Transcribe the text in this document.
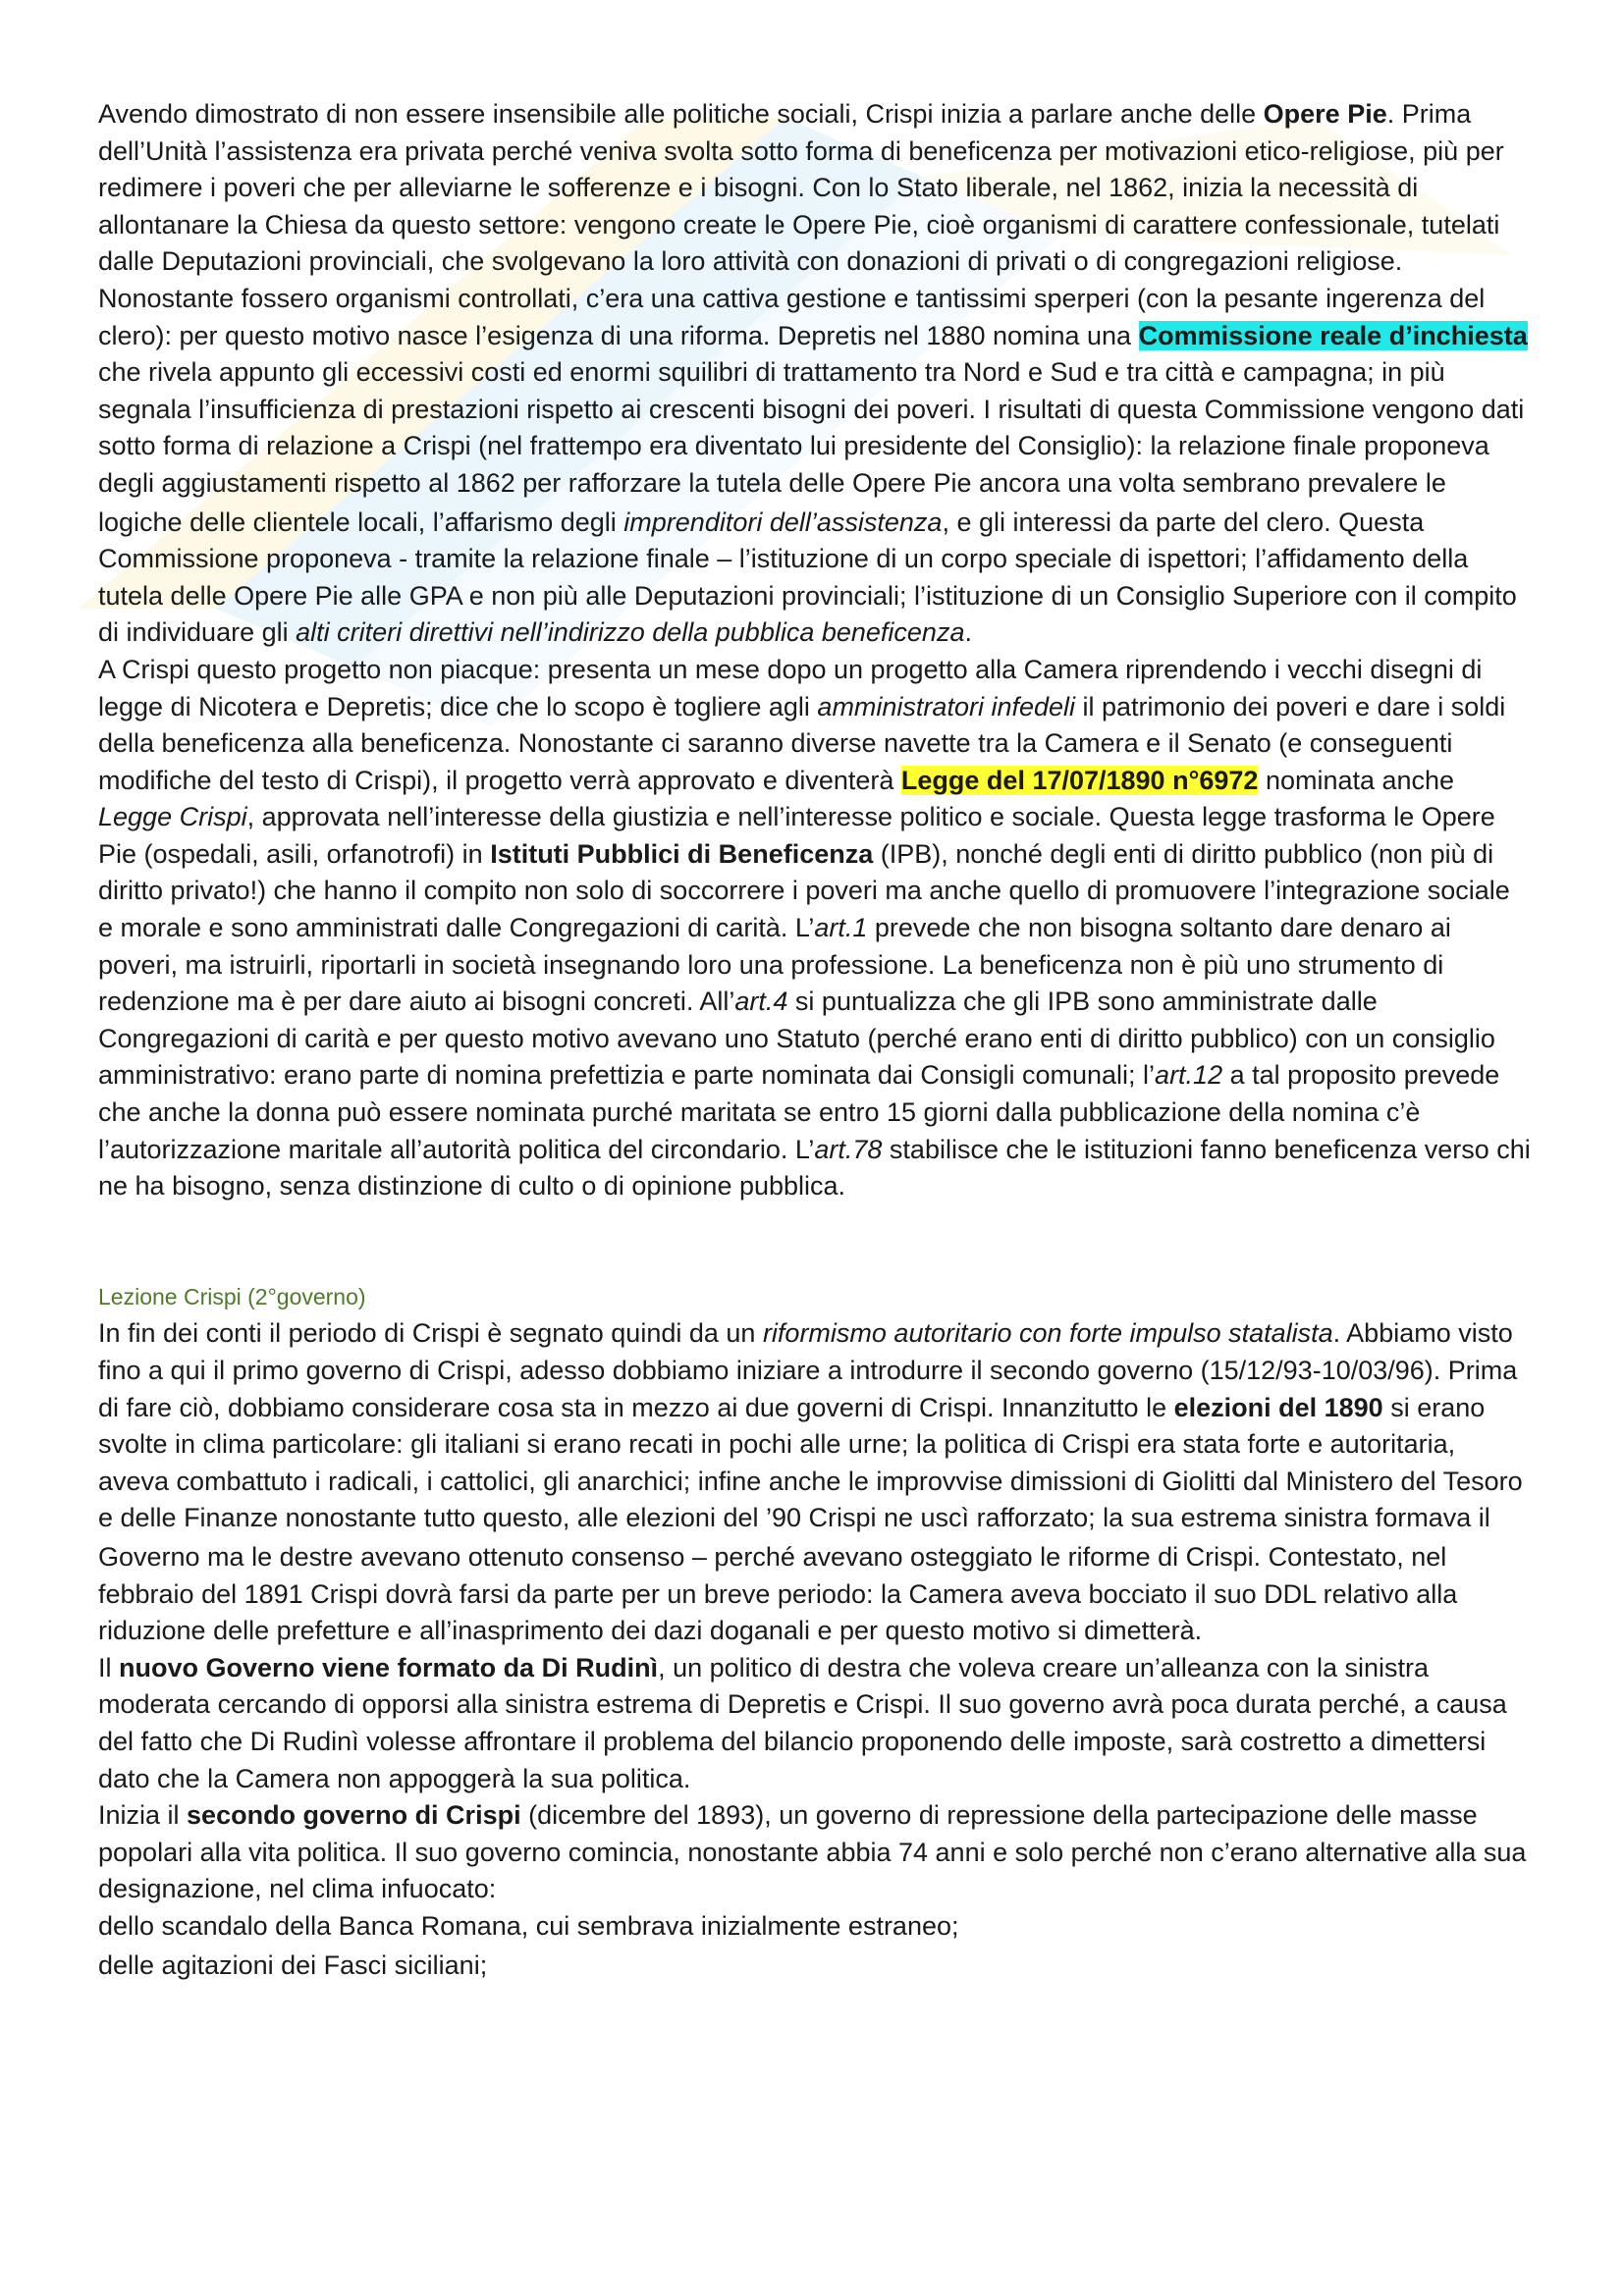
Avendo dimostrato di non essere insensibile alle politiche sociali, Crispi inizia a parlare anche delle Opere Pie. Prima dell’Unità l’assistenza era privata perché veniva svolta sotto forma di beneficenza per motivazioni etico-religiose, più per redimere i poveri che per alleviarne le sofferenze e i bisogni. Con lo Stato liberale, nel 1862, inizia la necessità di allontanare la Chiesa da questo settore: vengono create le Opere Pie, cioè organismi di carattere confessionale, tutelati dalle Deputazioni provinciali, che svolgevano la loro attività con donazioni di privati o di congregazioni religiose. Nonostante fossero organismi controllati, c’era una cattiva gestione e tantissimi sperperi (con la pesante ingerenza del clero): per questo motivo nasce l’esigenza di una riforma. Depretis nel 1880 nomina una Commissione reale d’inchiesta che rivela appunto gli eccessivi costi ed enormi squilibri di trattamento tra Nord e Sud e tra città e campagna; in più segnala l’insufficienza di prestazioni rispetto ai crescenti bisogni dei poveri. I risultati di questa Commissione vengono dati sotto forma di relazione a Crispi (nel frattempo era diventato lui presidente del Consiglio): la relazione finale proponeva degli aggiustamenti rispetto al 1862 per rafforzare la tutela delle Opere Pie ancora una volta sembrano prevalere le logiche delle clientele locali, l’affarismo degli imprenditori dell’assistenza, e gli interessi da parte del clero. Questa Commissione proponeva - tramite la relazione finale – l’istituzione di un corpo speciale di ispettori; l’affidamento della tutela delle Opere Pie alle GPA e non più alle Deputazioni provinciali; l’istituzione di un Consiglio Superiore con il compito di individuare gli alti criteri direttivi nell’indirizzo della pubblica beneficenza.

A Crispi questo progetto non piacque: presenta un mese dopo un progetto alla Camera riprendendo i vecchi disegni di legge di Nicotera e Depretis; dice che lo scopo è togliere agli amministratori infedeli il patrimonio dei poveri e dare i soldi della beneficenza alla beneficenza. Nonostante ci saranno diverse navette tra la Camera e il Senato (e conseguenti modifiche del testo di Crispi), il progetto verrà approvato e diventerà Legge del 17/07/1890 n°6972 nominata anche Legge Crispi, approvata nell’interesse della giustizia e nell’interesse politico e sociale. Questa legge trasforma le Opere Pie (ospedali, asili, orfanotrofi) in Istituti Pubblici di Beneficenza (IPB), nonché degli enti di diritto pubblico (non più di diritto privato!) che hanno il compito non solo di soccorrere i poveri ma anche quello di promuovere l’integrazione sociale e morale e sono amministrati dalle Congregazioni di carità. L’art.1 prevede che non bisogna soltanto dare denaro ai poveri, ma istruirli, riportarli in società insegnando loro una professione. La beneficenza non è più uno strumento di redenzione ma è per dare aiuto ai bisogni concreti. All’art.4 si puntualizza che gli IPB sono amministrate dalle Congregazioni di carità e per questo motivo avevano uno Statuto (perché erano enti di diritto pubblico) con un consiglio amministrativo: erano parte di nomina prefettizia e parte nominata dai Consigli comunali; l’art.12 a tal proposito prevede che anche la donna può essere nominata purché maritata se entro 15 giorni dalla pubblicazione della nomina c’è l’autorizzazione maritale all’autorità politica del circondario. L’art.78 stabilisce che le istituzioni fanno beneficenza verso chi ne ha bisogno, senza distinzione di culto o di opinione pubblica.

Lezione Crispi (2°governo)

In fin dei conti il periodo di Crispi è segnato quindi da un riformismo autoritario con forte impulso statalista. Abbiamo visto fino a qui il primo governo di Crispi, adesso dobbiamo iniziare a introdurre il secondo governo (15/12/93-10/03/96). Prima di fare ciò, dobbiamo considerare cosa sta in mezzo ai due governi di Crispi. Innanzitutto le elezioni del 1890 si erano svolte in clima particolare: gli italiani si erano recati in pochi alle urne; la politica di Crispi era stata forte e autoritaria, aveva combattuto i radicali, i cattolici, gli anarchici; infine anche le improvvise dimissioni di Giolitti dal Ministero del Tesoro e delle Finanze nonostante tutto questo, alle elezioni del ’90 Crispi ne uscì rafforzato; la sua estrema sinistra formava il Governo ma le destre avevano ottenuto consenso – perché avevano osteggiato le riforme di Crispi. Contestato, nel febbraio del 1891 Crispi dovrà farsi da parte per un breve periodo: la Camera aveva bocciato il suo DDL relativo alla riduzione delle prefetture e all’inasprimento dei dazi doganali e per questo motivo si dimetterà.

Il nuovo Governo viene formato da Di Rudinì, un politico di destra che voleva creare un’alleanza con la sinistra moderata cercando di opporsi alla sinistra estrema di Depretis e Crispi. Il suo governo avrà poca durata perché, a causa del fatto che Di Rudinì volesse affrontare il problema del bilancio proponendo delle imposte, sarà costretto a dimettersi dato che la Camera non appoggerà la sua politica.

Inizia il secondo governo di Crispi (dicembre del 1893), un governo di repressione della partecipazione delle masse popolari alla vita politica. Il suo governo comincia, nonostante abbia 74 anni e solo perché non c’erano alternative alla sua designazione, nel clima infuocato:

dello scandalo della Banca Romana, cui sembrava inizialmente estraneo;

delle agitazioni dei Fasci siciliani;
